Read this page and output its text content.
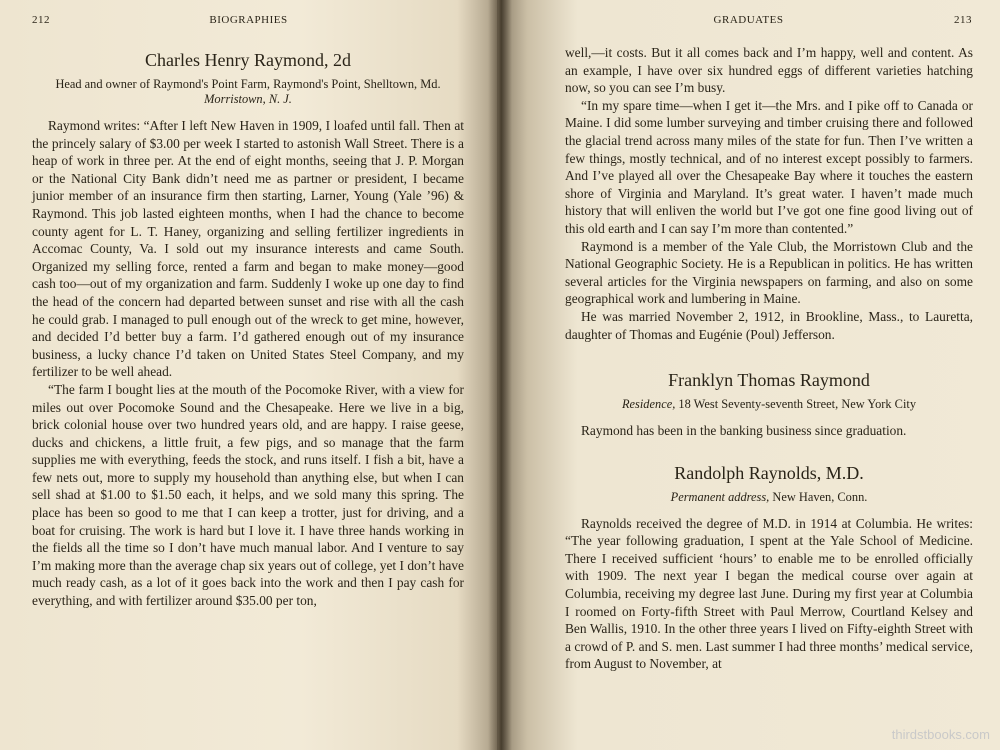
212	BIOGRAPHIES

Charles Henry Raymond, 2d

Head and owner of Raymond's Point Farm, Raymond's Point, Shelltown, Md.

Morristown, N. J.

Raymond writes: “After I left New Haven in 1909, I loafed until fall. Then at the princely salary of $3.00 per week I started to astonish Wall Street. There is a heap of work in three per. At the end of eight months, seeing that J. P. Morgan or the National City Bank didn’t need me as partner or president, I became junior member of an insurance firm then starting, Larner, Young (Yale ’96) & Raymond. This job lasted eighteen months, when I had the chance to become county agent for L. T. Haney, organizing and selling fertilizer ingredients in Accomac County, Va. I sold out my insurance interests and came South. Organized my selling force, rented a farm and began to make money—good cash too—out of my organization and farm. Suddenly I woke up one day to find the head of the concern had departed between sunset and rise with all the cash he could grab. I managed to pull enough out of the wreck to get mine, however, and decided I’d better buy a farm. I’d gathered enough out of my insurance business, a lucky chance I’d taken on United States Steel Company, and my fertilizer to be well ahead.

“The farm I bought lies at the mouth of the Pocomoke River, with a view for miles out over Pocomoke Sound and the Chesapeake. Here we live in a big, brick colonial house over two hundred years old, and are happy. I raise geese, ducks and chickens, a little fruit, a few pigs, and so manage that the farm supplies me with everything, feeds the stock, and runs itself. I fish a bit, have a few nets out, more to supply my household than anything else, but when I can sell shad at $1.00 to $1.50 each, it helps, and we sold many this spring. The place has been so good to me that I can keep a trotter, just for driving, and a boat for cruising. The work is hard but I love it. I have three hands working in the fields all the time so I don’t have much manual labor. And I venture to say I’m making more than the average chap six years out of college, yet I don’t have much ready cash, as a lot of it goes back into the work and then I pay cash for everything, and with fertilizer around $35.00 per ton,

GRADUATES	213

well,—it costs. But it all comes back and I’m happy, well and content. As an example, I have over six hundred eggs of different varieties hatching now, so you can see I’m busy.

“In my spare time—when I get it—the Mrs. and I pike off to Canada or Maine. I did some lumber surveying and timber cruising there and followed the glacial trend across many miles of the state for fun. Then I’ve written a few things, mostly technical, and of no interest except possibly to farmers. And I’ve played all over the Chesapeake Bay where it touches the eastern shore of Virginia and Maryland. It’s great water. I haven’t made much history that will enliven the world but I’ve got one fine good living out of this old earth and I can say I’m more than contented.”

Raymond is a member of the Yale Club, the Morristown Club and the National Geographic Society. He is a Republican in politics. He has written several articles for the Virginia newspapers on farming, and also on some geographical work and lumbering in Maine.

He was married November 2, 1912, in Brookline, Mass., to Lauretta, daughter of Thomas and Eugénie (Poul) Jefferson.

Franklyn Thomas Raymond

Residence, 18 West Seventy-seventh Street, New York City

Raymond has been in the banking business since graduation.

Randolph Raynolds, M.D.

Permanent address, New Haven, Conn.

Raynolds received the degree of M.D. in 1914 at Columbia. He writes: “The year following graduation, I spent at the Yale School of Medicine. There I received sufficient ‘hours’ to enable me to be enrolled officially with 1909. The next year I began the medical course over again at Columbia, receiving my degree last June. During my first year at Columbia I roomed on Forty-fifth Street with Paul Merrow, Courtland Kelsey and Ben Wallis, 1910. In the other three years I lived on Fifty-eighth Street with a crowd of P. and S. men. Last summer I had three months’ medical service, from August to November, at

thirdstbooks.com
